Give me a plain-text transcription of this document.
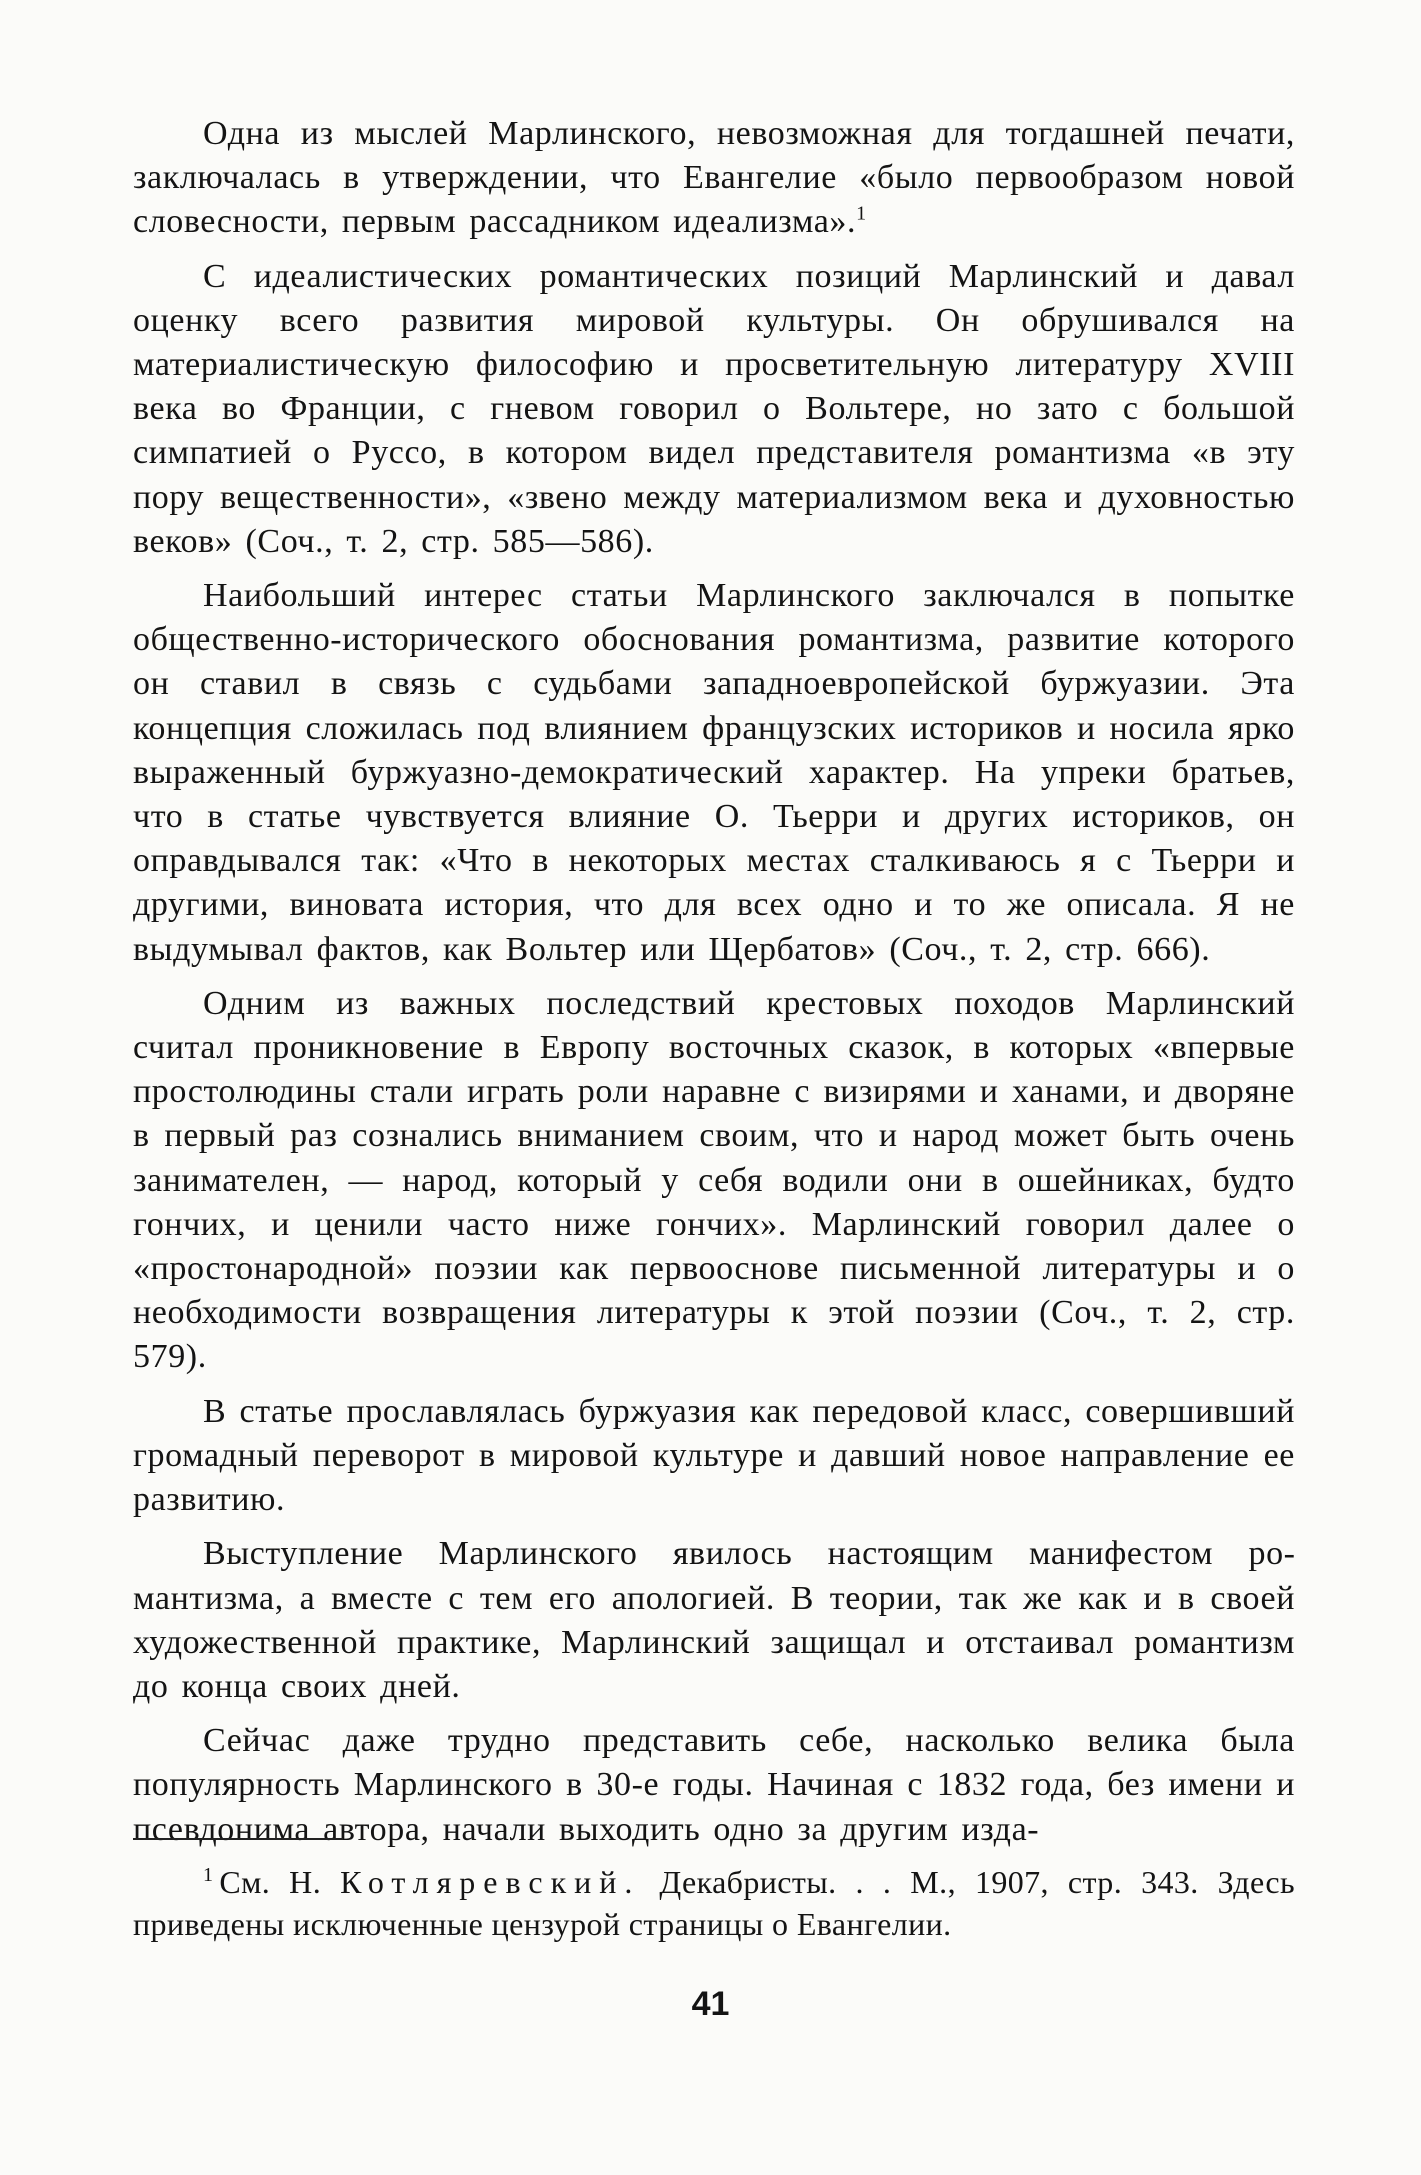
Одна из мыслей Марлинского, невозможная для тогдашней печати, заключалась в утверждении, что Евангелие «было первообразом новой словесности, первым рассадником идеализма».$^1$

С идеалистических романтических позиций Марлинский и давал оценку всего развития мировой культуры. Он обрушивался на материалистическую философию и просветительную литературу XVIII века во Франции, с гневом говорил о Вольтере, но зато с большой симпатией о Руссо, в котором видел представителя романтизма «в эту пору вещественности», «звено между материализмом века и духовностью веков» (Соч., т. 2, стр. 585—586).

Наибольший интерес статьи Марлинского заключался в попытке общественно-исторического обоснования романтизма, развитие которого он ставил в связь с судьбами западноевропейской буржуазии. Эта концепция сложилась под влиянием французских историков и носила ярко выраженный буржуазно-демократический характер. На упреки братьев, что в статье чувствуется влияние О. Тьерри и других историков, он оправдывался так: «Что в некоторых местах сталкиваюсь я с Тьерри и другими, виновата история, что для всех одно и то же описала. Я не выдумывал фактов, как Вольтер или Щербатов» (Соч., т. 2, стр. 666).

Одним из важных последствий крестовых походов Марлинский считал проникновение в Европу восточных сказок, в которых «впервые простолюдины стали играть роли наравне с визирями и ханами, и дворяне в первый раз сознались вниманием своим, что и народ может быть очень занимателен, — народ, который у себя водили они в ошейниках, будто гончих, и ценили часто ниже гончих». Марлинский говорил далее о «простонародной» поэзии как первооснове письменной литературы и о необходимости возвращения литературы к этой поэзии (Соч., т. 2, стр. 579).

В статье прославлялась буржуазия как передовой класс, совершивший громадный переворот в мировой культуре и давший новое направление ее развитию.

Выступление Марлинского явилось настоящим манифестом романтизма, а вместе с тем его апологией. В теории, так же как и в своей художественной практике, Марлинский защищал и отстаивал романтизм до конца своих дней.

Сейчас даже трудно представить себе, насколько велика была популярность Марлинского в 30-е годы. Начиная с 1832 года, без имени и псевдонима автора, начали выходить одно за другим изда-

$^1$ См. Н. Котляревский. Декабристы. . . М., 1907, стр. 343. Здесь приведены исключенные цензурой страницы о Евангелии.

41
